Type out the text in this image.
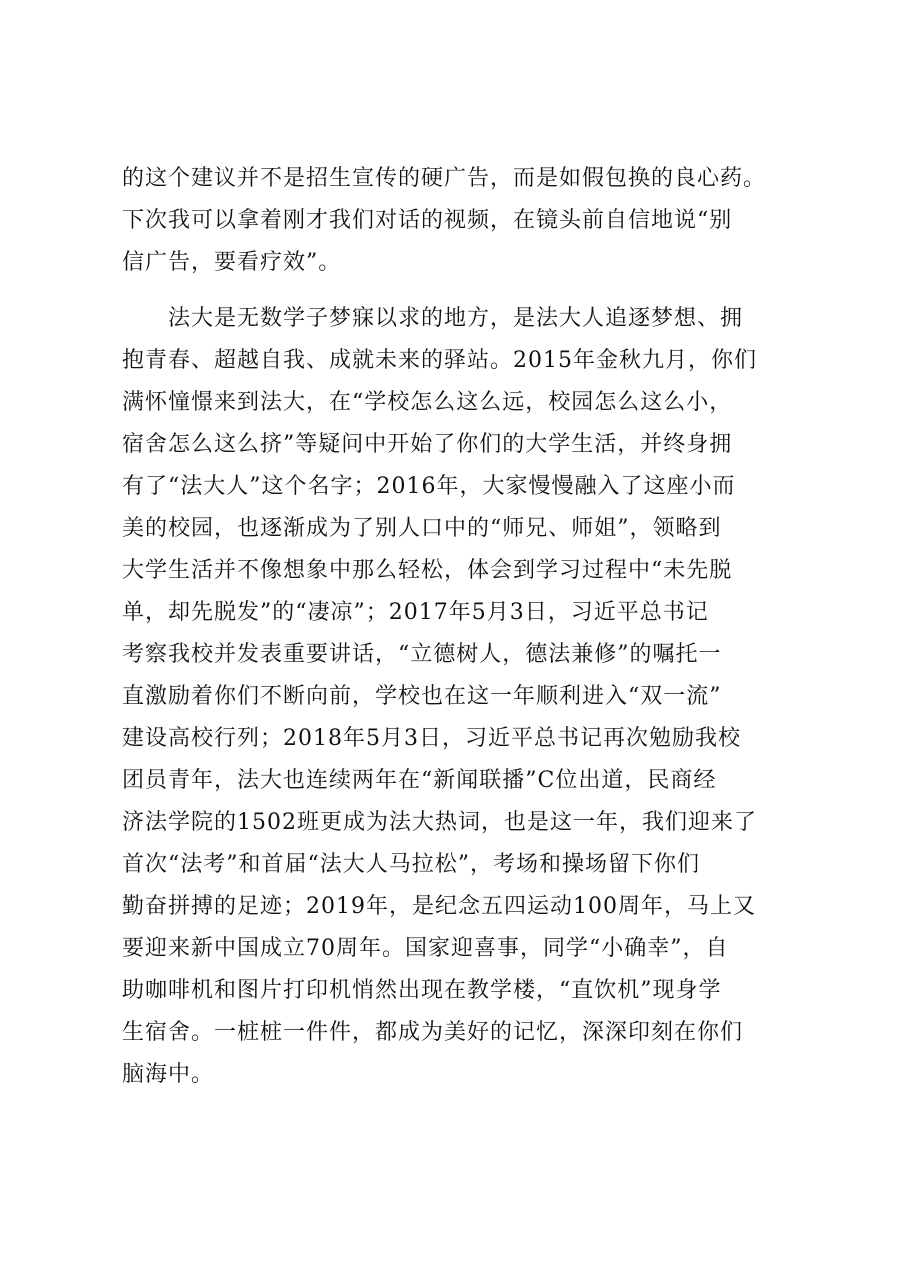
的这个建议并不是招生宣传的硬广告，而是如假包换的良心药。
下次我可以拿着刚才我们对话的视频，在镜头前自信地说“别
信广告，要看疗效”。
　　法大是无数学子梦寐以求的地方，是法大人追逐梦想、拥
抱青春、超越自我、成就未来的驿站。2015年金秋九月，你们
满怀憧憬来到法大，在“学校怎么这么远，校园怎么这么小，
宿舍怎么这么挤”等疑问中开始了你们的大学生活，并终身拥
有了“法大人”这个名字；2016年，大家慢慢融入了这座小而
美的校园，也逐渐成为了别人口中的“师兄、师姐”，领略到
大学生活并不像想象中那么轻松，体会到学习过程中“未先脱
单，却先脱发”的“凄凉”；2017年5月3日，习近平总书记
考察我校并发表重要讲话，“立德树人，德法兼修”的嘱托一
直激励着你们不断向前，学校也在这一年顺利进入“双一流”
建设高校行列；2018年5月3日，习近平总书记再次勉励我校
团员青年，法大也连续两年在“新闻联播”C位出道，民商经
济法学院的1502班更成为法大热词，也是这一年，我们迎来了
首次“法考”和首届“法大人马拉松”，考场和操场留下你们
勤奋拼搏的足迹；2019年，是纪念五四运动100周年，马上又
要迎来新中国成立70周年。国家迎喜事，同学“小确幸”，自
助咖啡机和图片打印机悄然出现在教学楼，“直饮机”现身学
生宿舍。一桩桩一件件，都成为美好的记忆，深深印刻在你们
脑海中。
